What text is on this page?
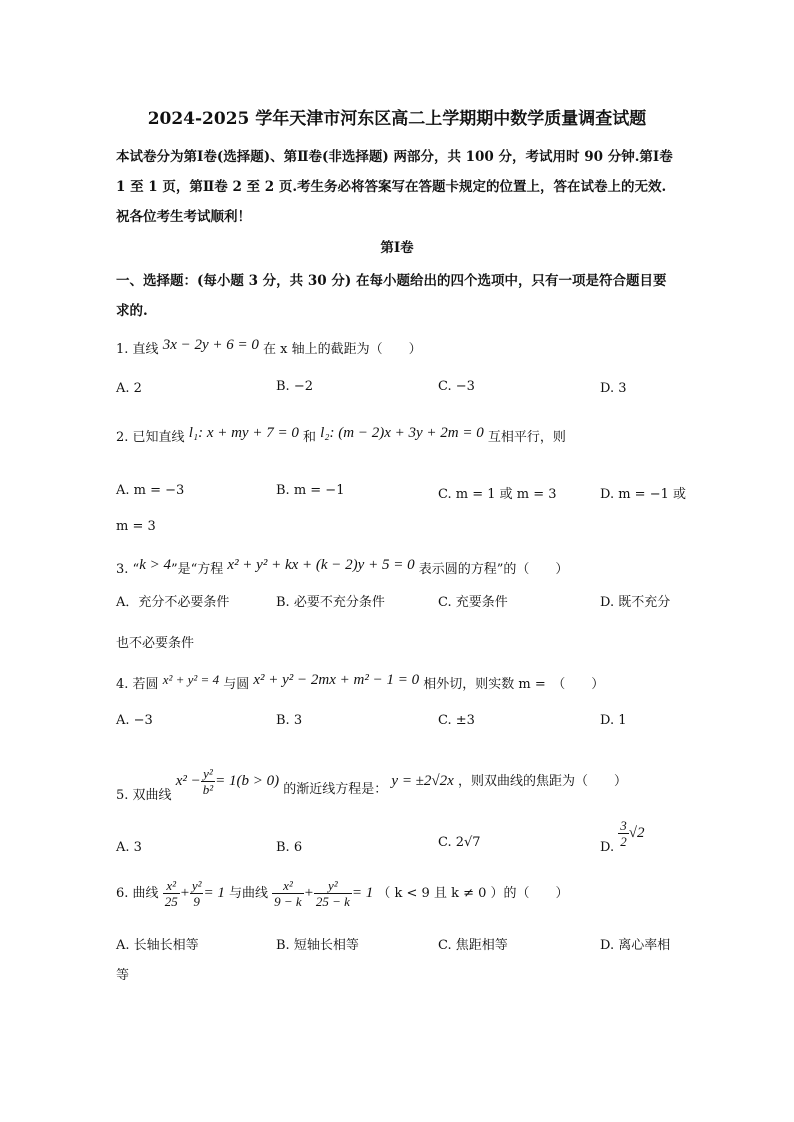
2024-2025 学年天津市河东区高二上学期期中数学质量调查试题
本试卷分为第Ⅰ卷(选择题)、第Ⅱ卷(非选择题) 两部分，共 100 分，考试用时 90 分钟.第Ⅰ卷 1 至 1 页，第Ⅱ卷 2 至 2 页.考生务必将答案写在答题卡规定的位置上，答在试卷上的无效.祝各位考生考试顺利！
第Ⅰ卷
一、选择题：(每小题 3 分，共 30 分) 在每小题给出的四个选项中，只有一项是符合题目要求的.
1. 直线 3x − 2y + 6 = 0 在 x 轴上的截距为（　　）
A. 2	B. −2	C. −3	D. 3
2. 已知直线 l₁: x + my + 7 = 0 和 l₂: (m − 2)x + 3y + 2m = 0 互相平行，则
A. m = −3	B. m = −1	C. m = 1 或 m = 3	D. m = −1 或
m = 3
3. “k > 4”是“方程 x² + y² + kx + (k − 2)y + 5 = 0 表示圆的方程”的（　　）
A．充分不必要条件	B. 必要不充分条件	C. 充要条件	D. 既不充分
也不必要条件
4. 若圆 x² + y² = 4 与圆 x² + y² − 2mx + m² − 1 = 0 相外切，则实数 m =　（　　）
A. −3	B. 3	C. ±3	D. 1
5. 双曲线 $x^2 - \frac{\text{y²}}{\text{b²}} = 1(b > 0)$ 的渐近线方程是： y = ±2√2x ，则双曲线的焦距为（　　）
A. 3	B. 6	C. 2√7	D. $\frac{3}{2} √2$
6. 曲线 $\frac{\text{x²}}{25} + \frac{\text{y²}}{9} = 1$ 与曲线 $\frac{\text{x²}}{9 - k} + \frac{\text{y²}}{25 - k} = 1$ （ k < 9 且 k ≠ 0 ）的（　　）
A. 长轴长相等	B. 短轴长相等	C. 焦距相等	D. 离心率相
等
